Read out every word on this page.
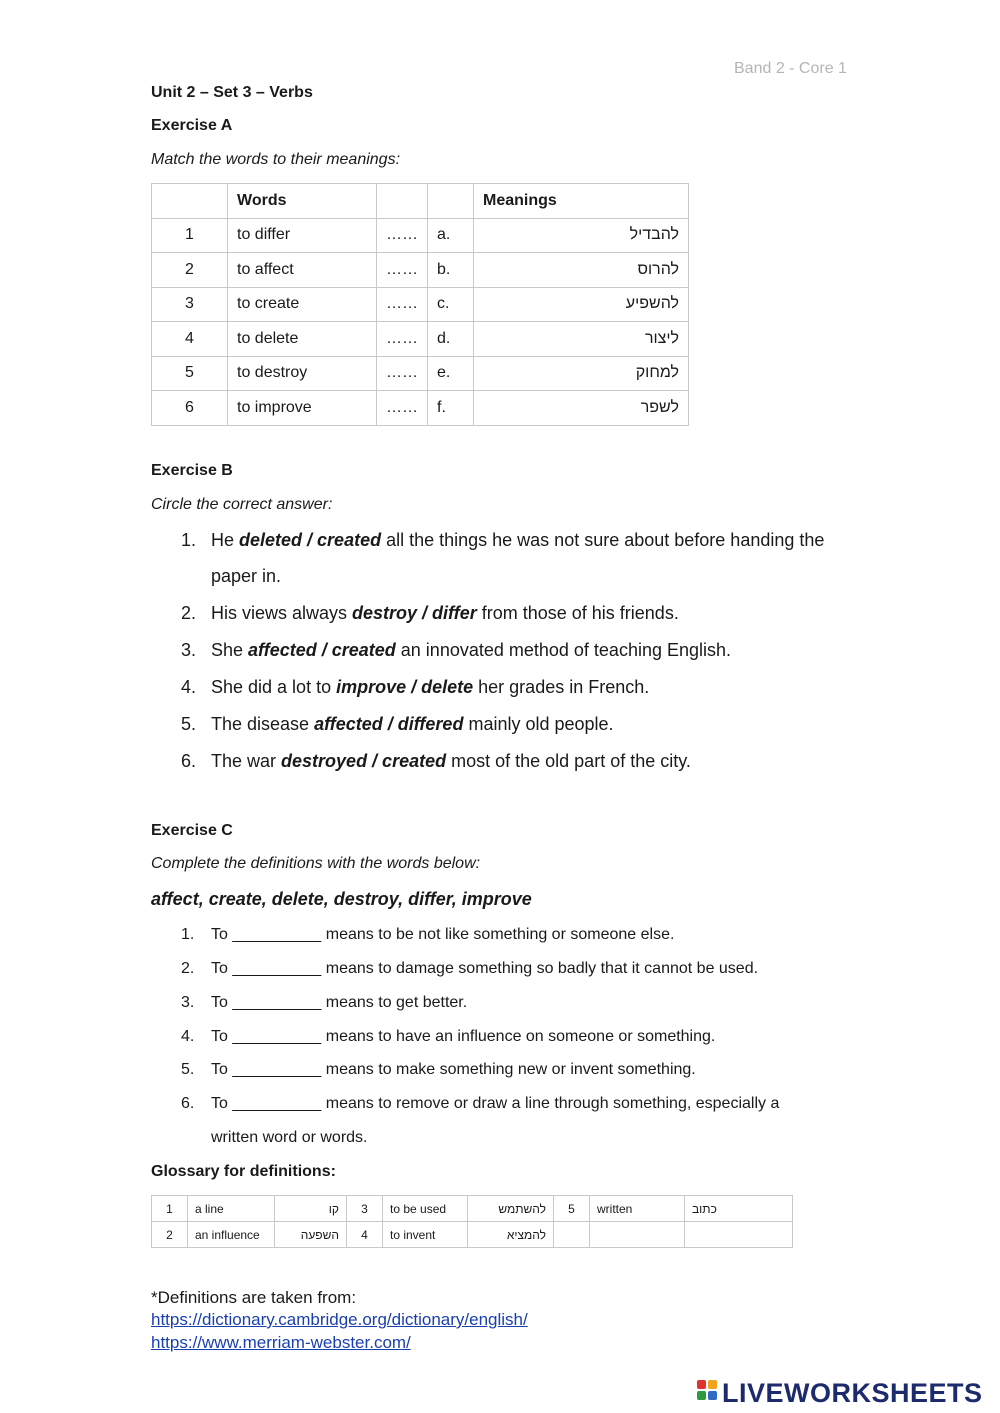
Band 2 - Core 1
Unit 2 – Set 3 – Verbs
Exercise A
Match the words to their meanings:
	Words			Meanings
1	to differ	……	a.	להבדיל

2	to affect	……	b.	להרוס

3	to create	……	c.	להשפיע

4	to delete	……	d.	ליצור

5	to destroy	……	e.	למחוק

6	to improve	……	f.	לשפר
Exercise B
Circle the correct answer:
1. He deleted / created all the things he was not sure about before handing the
paper in.
2. His views always destroy / differ from those of his friends.
3. She affected / created an innovated method of teaching English.
4. She did a lot to improve / delete her grades in French.
5. The disease affected / differed mainly old people.
6. The war destroyed / created most of the old part of the city.
Exercise C
Complete the definitions with the words below:
affect, create, delete, destroy, differ, improve
1. To __________ means to be not like something or someone else.
2. To __________ means to damage something so badly that it cannot be used.
3. To __________ means to get better.
4. To __________ means to have an influence on someone or something.
5. To __________ means to make something new or invent something.
6. To __________ means to remove or draw a line through something, especially a
written word or words.
Glossary for definitions:
1	a line	קו	3	to be used	להשתמש	5	written	כתוב

2	an influence	השפעה	4	to invent	להמציא			

*Definitions are taken from:
https://dictionary.cambridge.org/dictionary/english/
https://www.merriam-webster.com/
LIVEWORKSHEETS
